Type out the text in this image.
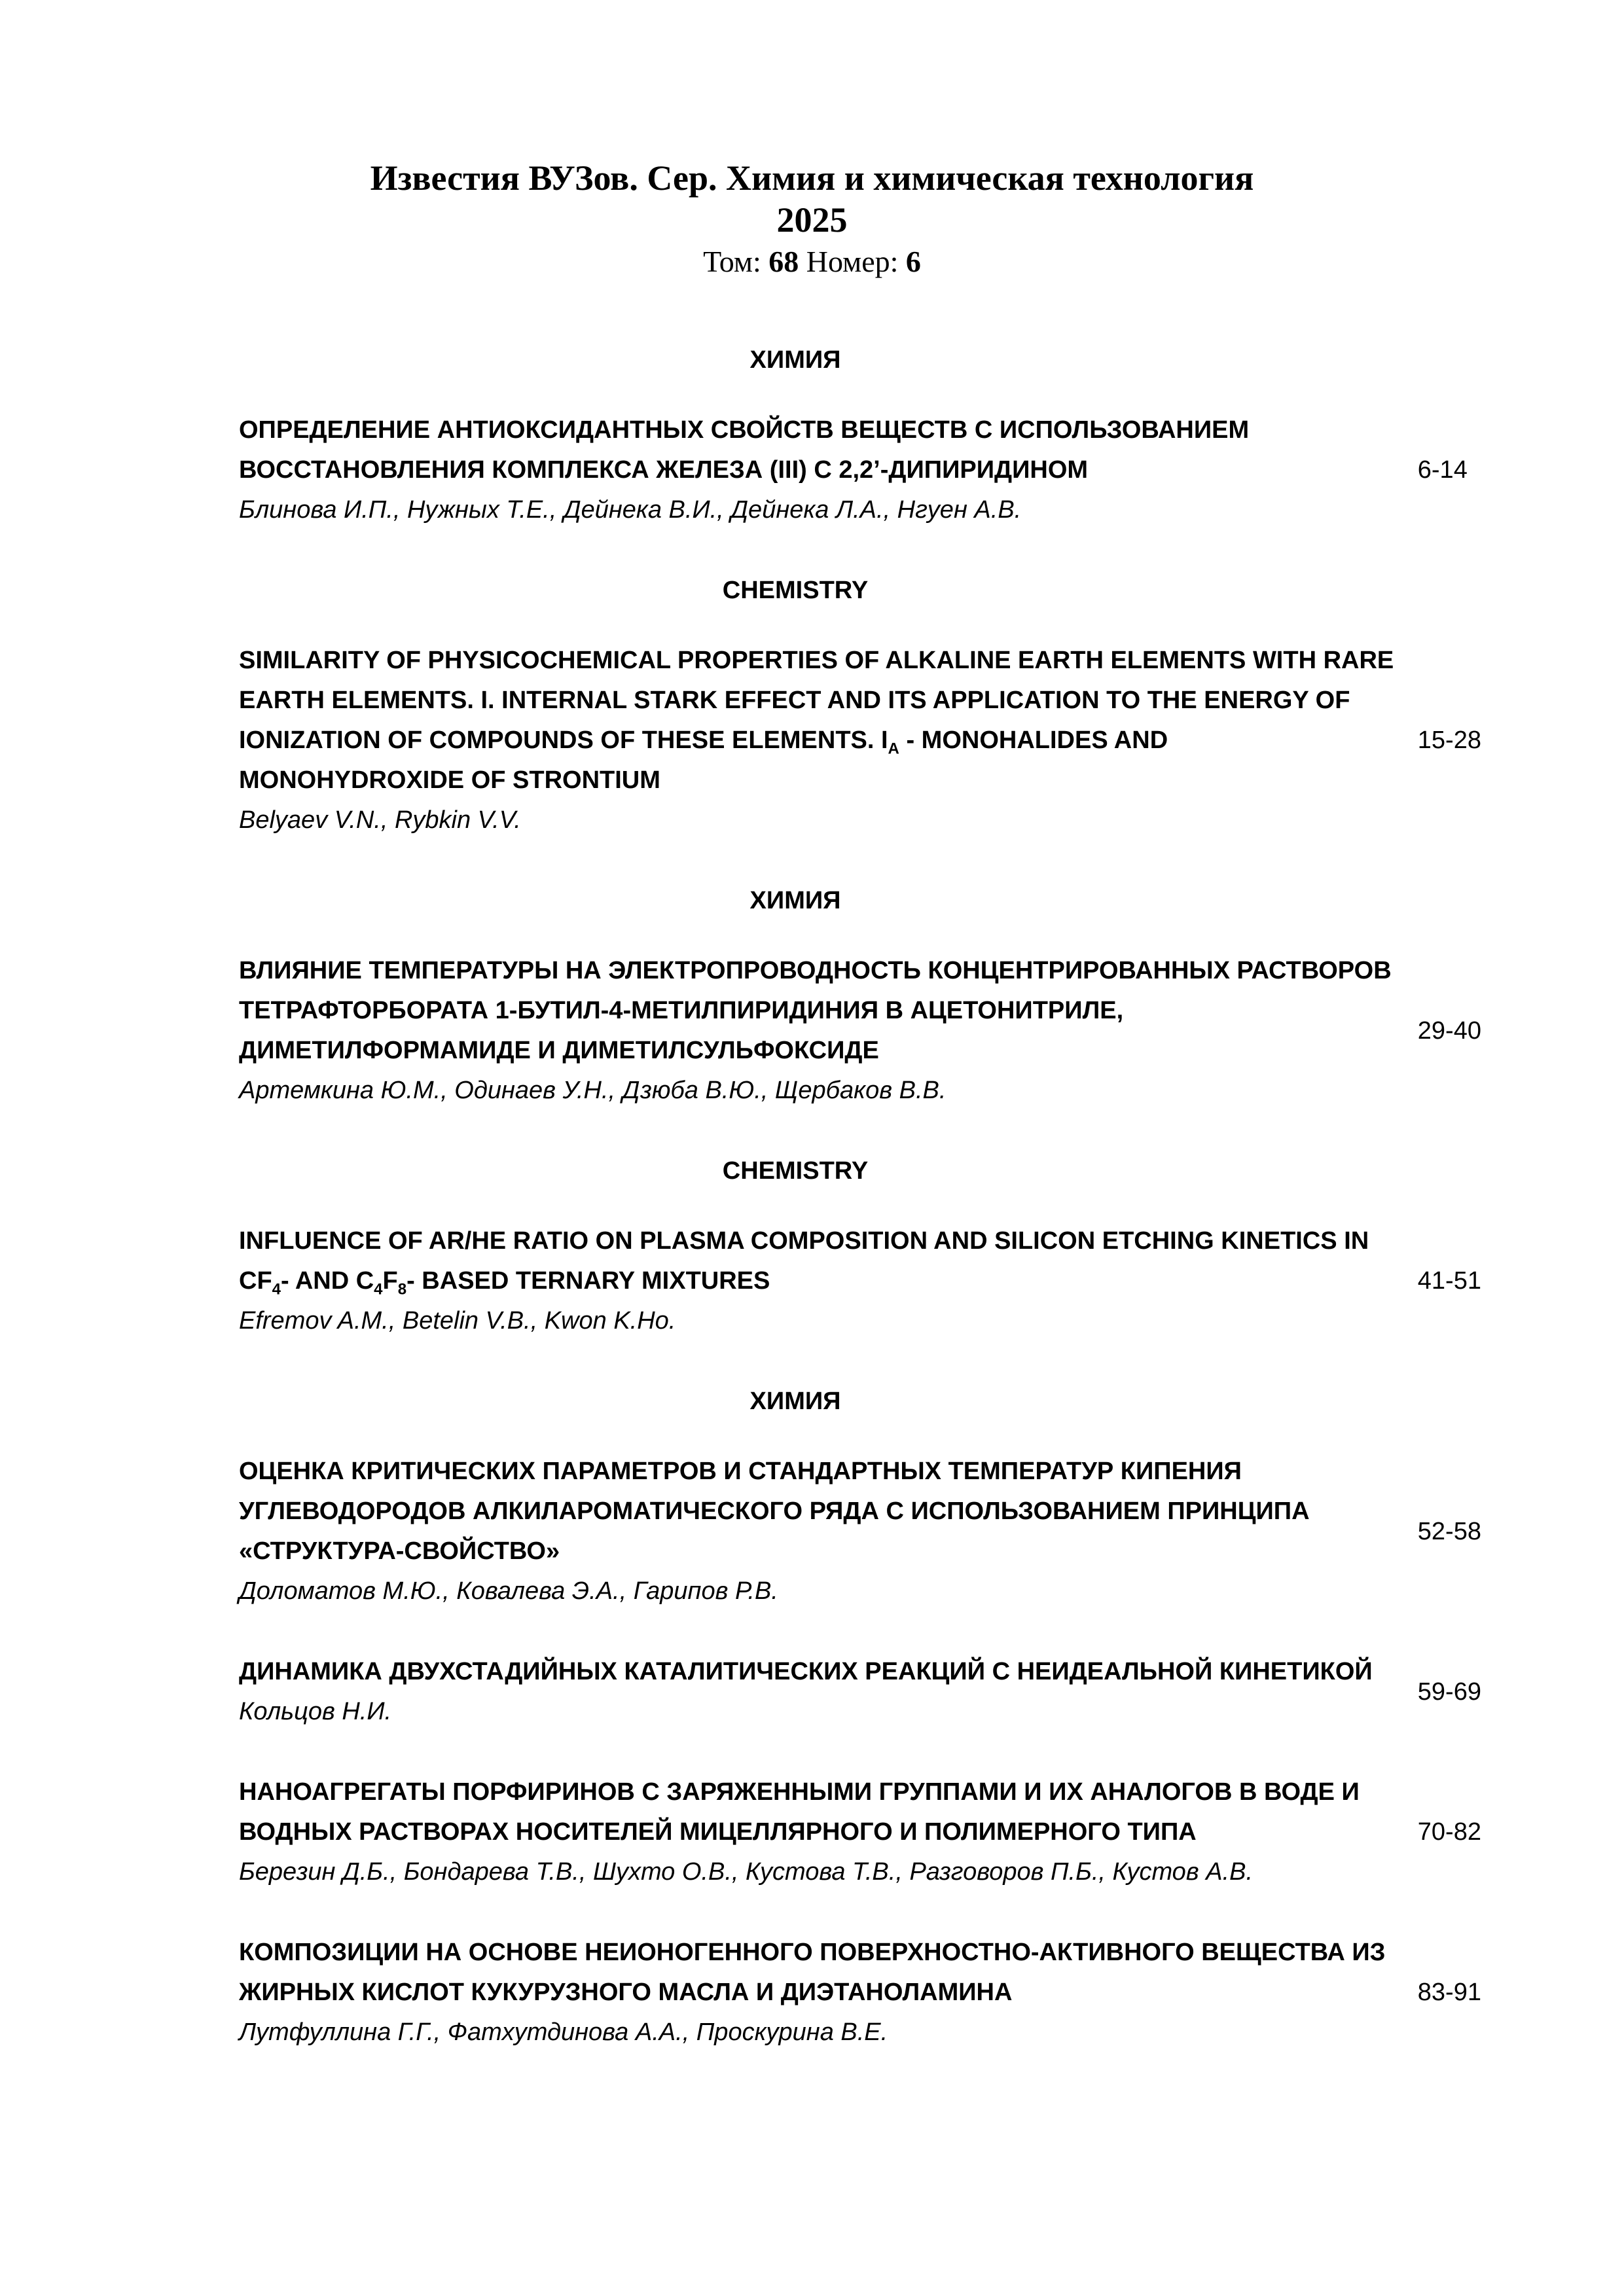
Известия ВУЗов. Сер. Химия и химическая технология
2025
Том: 68 Номер: 6
ХИМИЯ
ОПРЕДЕЛЕНИЕ АНТИОКСИДАНТНЫХ СВОЙСТВ ВЕЩЕСТВ С ИСПОЛЬЗОВАНИЕМ
ВОССТАНОВЛЕНИЯ КОМПЛЕКСА ЖЕЛЕЗА (III) С 2,2’-ДИПИРИДИНОМ
Блинова И.П., Нужных Т.Е., Дейнека В.И., Дейнека Л.А., Нгуен А.В.
6-14
CHEMISTRY
SIMILARITY OF PHYSICOCHEMICAL PROPERTIES OF ALKALINE EARTH ELEMENTS WITH RARE
EARTH ELEMENTS. I. INTERNAL STARK EFFECT AND ITS APPLICATION TO THE ENERGY OF
IONIZATION OF COMPOUNDS OF THESE ELEMENTS. $I_A$ - MONOHALIDES AND
MONOHYDROXIDE OF STRONTIUM
Belyaev V.N., Rybkin V.V.
15-28
ХИМИЯ
ВЛИЯНИЕ ТЕМПЕРАТУРЫ НА ЭЛЕКТРОПРОВОДНОСТЬ КОНЦЕНТРИРОВАННЫХ РАСТВОРОВ
ТЕТРАФТОРБОРАТА 1-БУТИЛ-4-МЕТИЛПИРИДИНИЯ В АЦЕТОНИТРИЛЕ,
ДИМЕТИЛФОРМАМИДЕ И ДИМЕТИЛСУЛЬФОКСИДЕ
Артемкина Ю.М., Одинаев У.Н., Дзюба В.Ю., Щербаков В.В.
29-40
CHEMISTRY
INFLUENCE OF AR/HE RATIO ON PLASMA COMPOSITION AND SILICON ETCHING KINETICS IN
$CF_4-$ AND $C_4F_8-$ BASED TERNARY MIXTURES
Efremov A.M., Betelin V.B., Kwon K.Ho.
41-51
ХИМИЯ
ОЦЕНКА КРИТИЧЕСКИХ ПАРАМЕТРОВ И СТАНДАРТНЫХ ТЕМПЕРАТУР КИПЕНИЯ
УГЛЕВОДОРОДОВ АЛКИЛАРОМАТИЧЕСКОГО РЯДА С ИСПОЛЬЗОВАНИЕМ ПРИНЦИПА
«СТРУКТУРА-СВОЙСТВО»
Доломатов М.Ю., Ковалева Э.А., Гарипов Р.В.
52-58
ДИНАМИКА ДВУХСТАДИЙНЫХ КАТАЛИТИЧЕСКИХ РЕАКЦИЙ С НЕИДЕАЛЬНОЙ КИНЕТИКОЙ
Кольцов Н.И.
59-69
НАНОАГРЕГАТЫ ПОРФИРИНОВ С ЗАРЯЖЕННЫМИ ГРУППАМИ И ИХ АНАЛОГОВ В ВОДЕ И
ВОДНЫХ РАСТВОРАХ НОСИТЕЛЕЙ МИЦЕЛЛЯРНОГО И ПОЛИМЕРНОГО ТИПА
Березин Д.Б., Бондарева Т.В., Шухто О.В., Кустова Т.В., Разговоров П.Б., Кустов А.В.
70-82
КОМПОЗИЦИИ НА ОСНОВЕ НЕИОНОГЕННОГО ПОВЕРХНОСТНО-АКТИВНОГО ВЕЩЕСТВА ИЗ
ЖИРНЫХ КИСЛОТ КУКУРУЗНОГО МАСЛА И ДИЭТАНОЛАМИНА
Лутфуллина Г.Г., Фатхутдинова А.А., Проскурина В.Е.
83-91
